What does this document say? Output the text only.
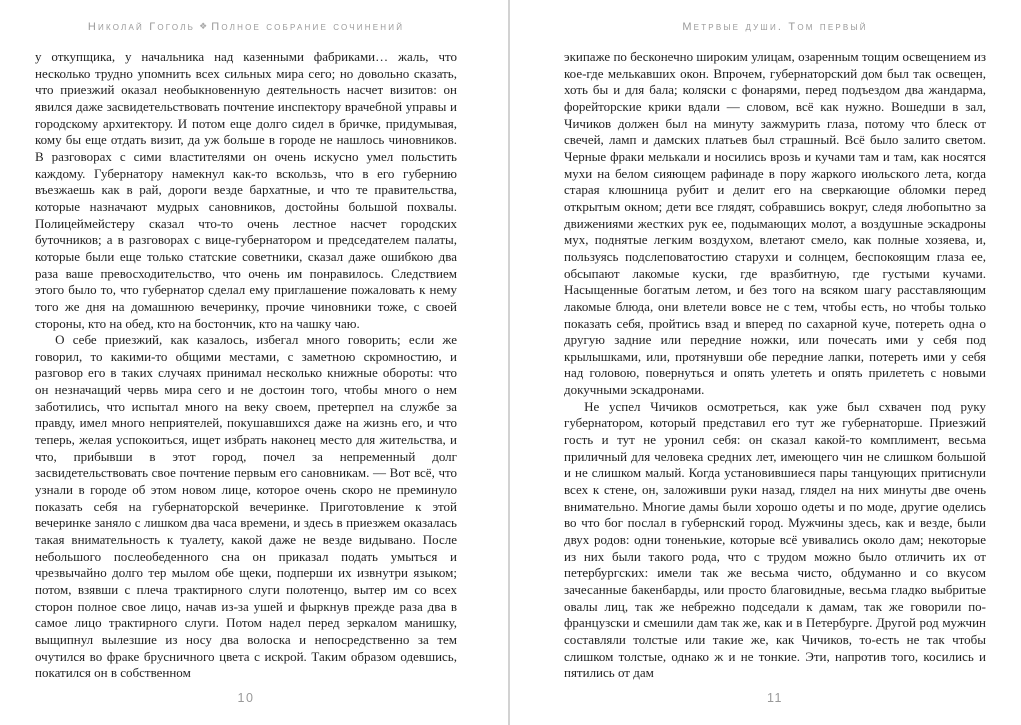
Николай Гоголь ❖ Полное собрание сочинений

у откупщика, у начальника над казенными фабриками… жаль, что несколько трудно упомнить всех сильных мира сего; но довольно сказать, что приезжий оказал необыкновенную деятельность насчет визитов: он явился даже засвидетельствовать почтение инспектору врачебной управы и городскому архитектору. И потом еще долго сидел в бричке, придумывая, кому бы еще отдать визит, да уж больше в городе не нашлось чиновников. В разговорах с сими властителями он очень искусно умел польстить каждому. Губернатору намекнул как-то вскользь, что в его губернию въезжаешь как в рай, дороги везде бархатные, и что те правительства, которые назначают мудрых сановников, достойны большой похвалы. Полицеймейстеру сказал что-то очень лестное насчет городских буточников; а в разговорах с вице-губернатором и председателем палаты, которые были еще только статские советники, сказал даже ошибкою два раза ваше превосходительство, что очень им понравилось. Следствием этого было то, что губернатор сделал ему приглашение пожаловать к нему того же дня на домашнюю вечеринку, прочие чиновники тоже, с своей стороны, кто на обед, кто на бостончик, кто на чашку чаю.

О себе приезжий, как казалось, избегал много говорить; если же говорил, то какими-то общими местами, с заметною скромностию, и разговор его в таких случаях принимал несколько книжные обороты: что он незначащий червь мира сего и не достоин того, чтобы много о нем заботились, что испытал много на веку своем, претерпел на службе за правду, имел много неприятелей, покушавшихся даже на жизнь его, и что теперь, желая успокоиться, ищет избрать наконец место для жительства, и что, прибывши в этот город, почел за непременный долг засвидетельствовать свое почтение первым его сановникам. — Вот всё, что узнали в городе об этом новом лице, которое очень скоро не преминуло показать себя на губернаторской вечеринке. Приготовление к этой вечеринке заняло с лишком два часа времени, и здесь в приезжем оказалась такая внимательность к туалету, какой даже не везде видывано. После небольшого послеобеденного сна он приказал подать умыться и чрезвычайно долго тер мылом обе щеки, подперши их извнутри языком; потом, взявши с плеча трактирного слуги полотенцо, вытер им со всех сторон полное свое лицо, начав из-за ушей и фыркнув прежде раза два в самое лицо трактирного слуги. Потом надел перед зеркалом манишку, выщипнул вылезшие из носу два волоска и непосредственно за тем очутился во фраке брусничного цвета с искрой. Таким образом одевшись, покатился он в собственном

10
Метрвые души. Том первый

экипаже по бесконечно широким улицам, озаренным тощим освещением из кое-где мелькавших окон. Впрочем, губернаторский дом был так освещен, хоть бы и для бала; коляски с фонарями, перед подъездом два жандарма, форейторские крики вдали — словом, всё как нужно. Вошедши в зал, Чичиков должен был на минуту зажмурить глаза, потому что блеск от свечей, ламп и дамских платьев был страшный. Всё было залито светом. Черные фраки мелькали и носились врозь и кучами там и там, как носятся мухи на белом сияющем рафинаде в пору жаркого июльского лета, когда старая клюшница рубит и делит его на сверкающие обломки перед открытым окном; дети все глядят, собравшись вокруг, следя любопытно за движениями жестких рук ее, подымающих молот, а воздушные эскадроны мух, поднятые легким воздухом, влетают смело, как полные хозяева, и, пользуясь подслеповатостию старухи и солнцем, беспокоящим глаза ее, обсыпают лакомые куски, где вразбитную, где густыми кучами. Насыщенные богатым летом, и без того на всяком шагу расставляющим лакомые блюда, они влетели вовсе не с тем, чтобы есть, но чтобы только показать себя, пройтись взад и вперед по сахарной куче, потереть одна о другую задние или передние ножки, или почесать ими у себя под крылышками, или, протянувши обе передние лапки, потереть ими у себя над головою, повернуться и опять улететь и опять прилететь с новыми докучными эскадронами.

Не успел Чичиков осмотреться, как уже был схвачен под руку губернатором, который представил его тут же губернаторше. Приезжий гость и тут не уронил себя: он сказал какой-то комплимент, весьма приличный для человека средних лет, имеющего чин не слишком большой и не слишком малый. Когда установившиеся пары танцующих притиснули всех к стене, он, заложивши руки назад, глядел на них минуты две очень внимательно. Многие дамы были хорошо одеты и по моде, другие оделись во что бог послал в губернский город. Мужчины здесь, как и везде, были двух родов: одни тоненькие, которые всё увивались около дам; некоторые из них были такого рода, что с трудом можно было отличить их от петербургских: имели так же весьма чисто, обдуманно и со вкусом зачесанные бакенбарды, или просто благовидные, весьма гладко выбритые овалы лиц, так же небрежно подседали к дамам, так же говорили по-французски и смешили дам так же, как и в Петербурге. Другой род мужчин составляли толстые или такие же, как Чичиков, то-есть не так чтобы слишком толстые, однако ж и не тонкие. Эти, напротив того, косились и пятились от дам

11
